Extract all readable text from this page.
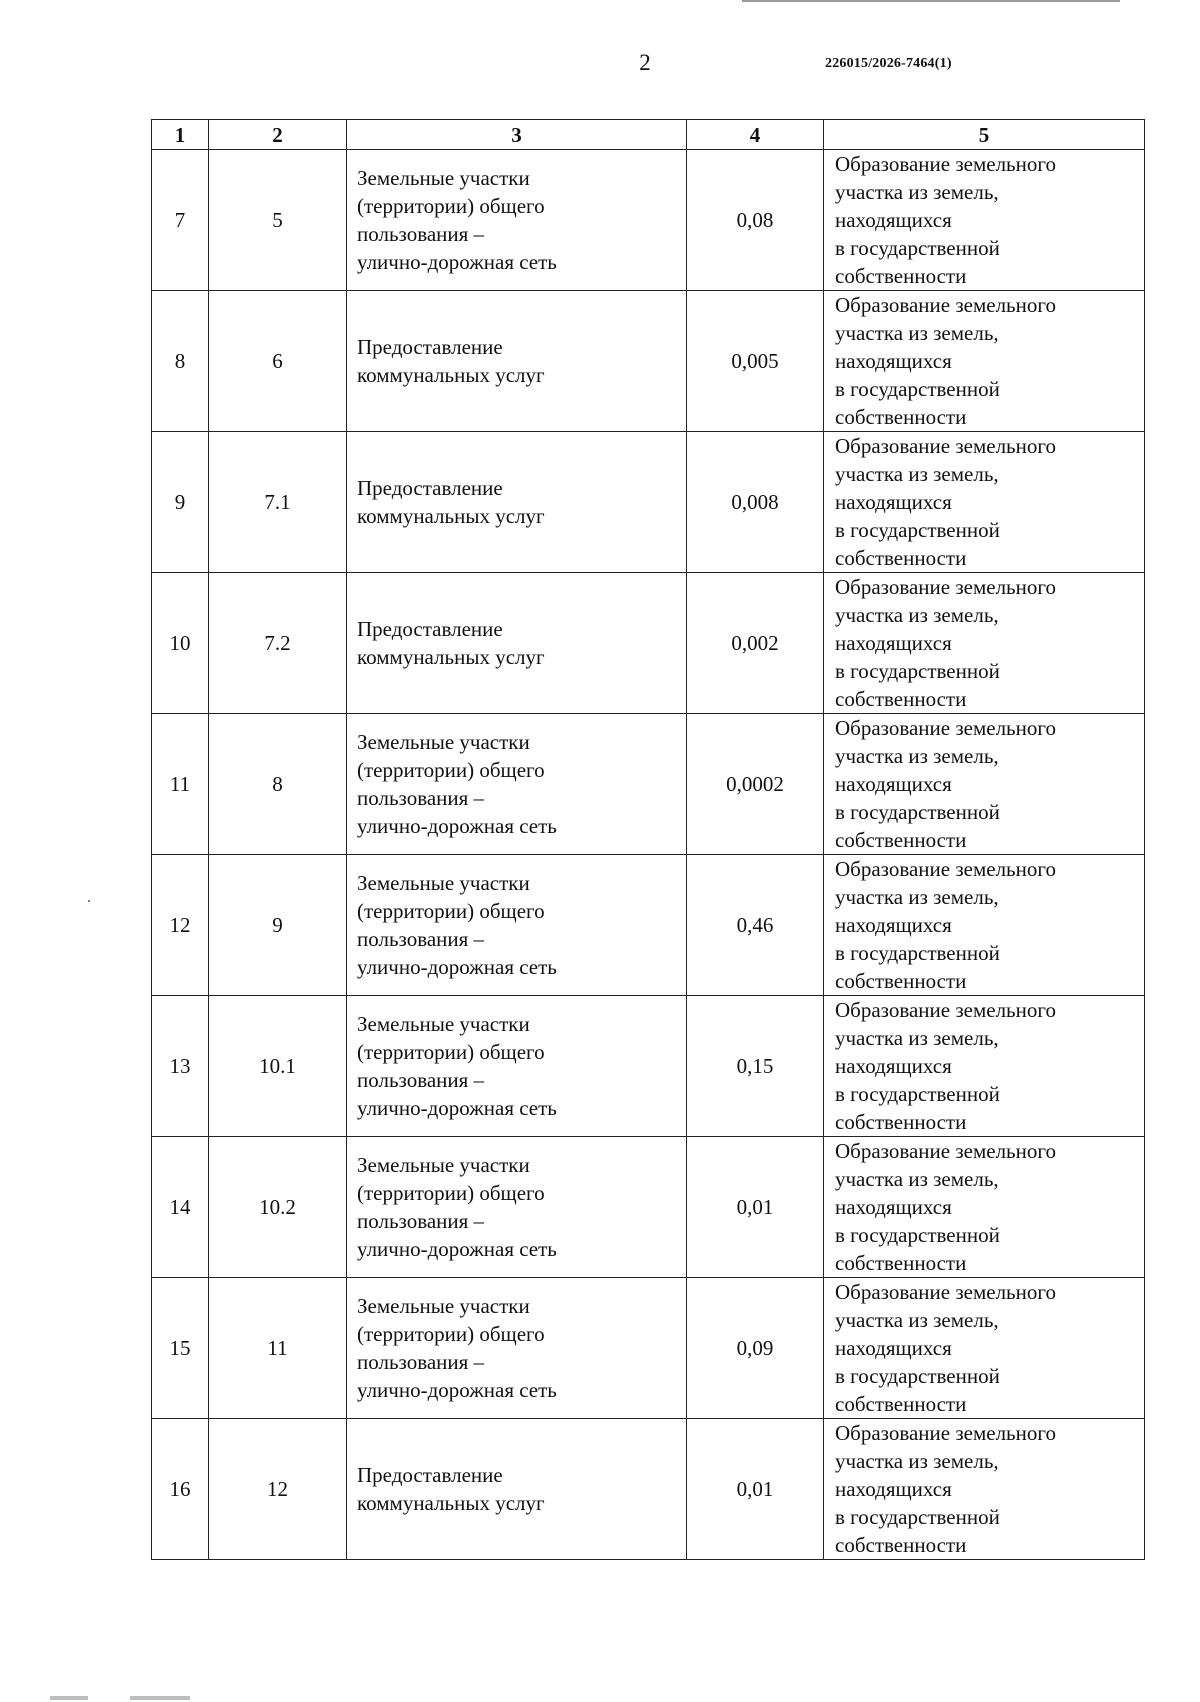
2	226015/2026-7464(1)
1	2	3	4	5
7	5	Земельные участки
(территории) общего
пользования –
улично-дорожная сеть	0,08	Образование земельного
участка из земель,
находящихся
в государственной
собственности

8	6	Предоставление
коммунальных услуг	0,005	Образование земельного
участка из земель,
находящихся
в государственной
собственности

9	7.1	Предоставление
коммунальных услуг	0,008	Образование земельного
участка из земель,
находящихся
в государственной
собственности

10	7.2	Предоставление
коммунальных услуг	0,002	Образование земельного
участка из земель,
находящихся
в государственной
собственности

11	8	Земельные участки
(территории) общего
пользования –
улично-дорожная сеть	0,0002	Образование земельного
участка из земель,
находящихся
в государственной
собственности

12	9	Земельные участки
(территории) общего
пользования –
улично-дорожная сеть	0,46	Образование земельного
участка из земель,
находящихся
в государственной
собственности

13	10.1	Земельные участки
(территории) общего
пользования –
улично-дорожная сеть	0,15	Образование земельного
участка из земель,
находящихся
в государственной
собственности

14	10.2	Земельные участки
(территории) общего
пользования –
улично-дорожная сеть	0,01	Образование земельного
участка из земель,
находящихся
в государственной
собственности

15	11	Земельные участки
(территории) общего
пользования –
улично-дорожная сеть	0,09	Образование земельного
участка из земель,
находящихся
в государственной
собственности

16	12	Предоставление
коммунальных услуг	0,01	Образование земельного
участка из земель,
находящихся
в государственной
собственности
